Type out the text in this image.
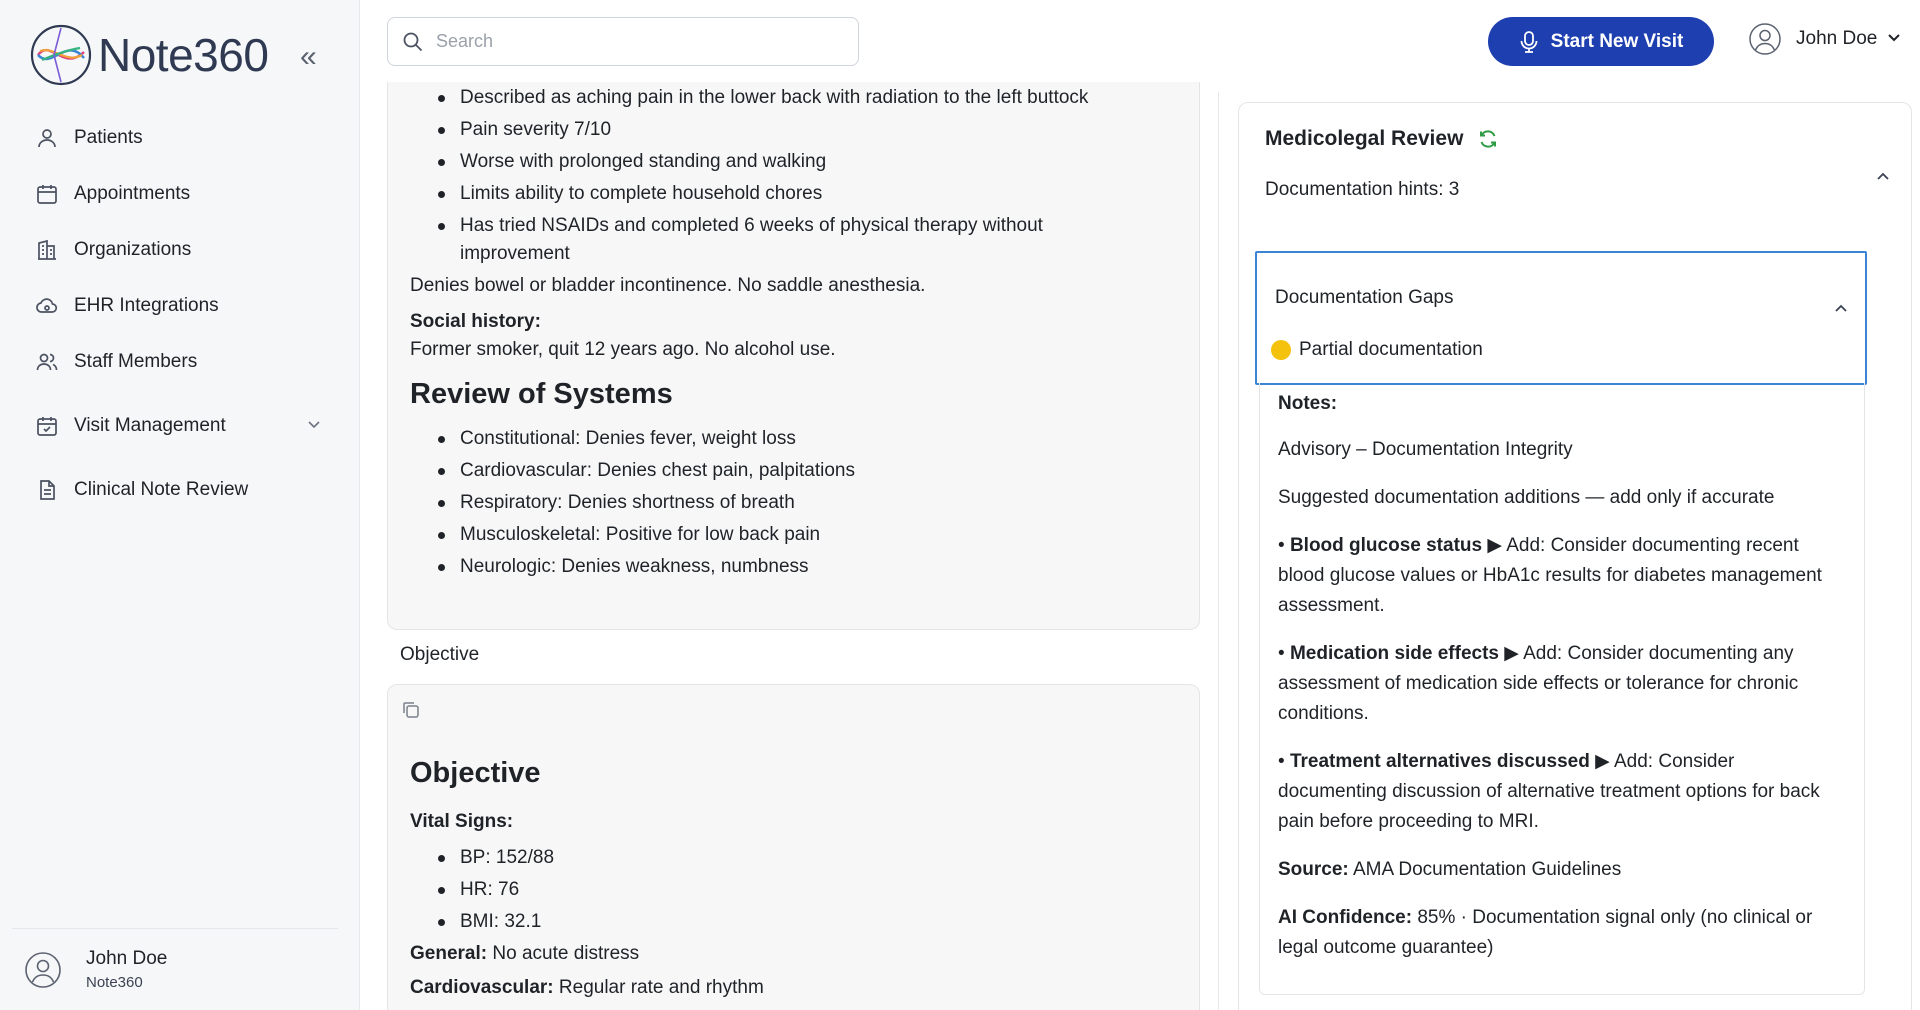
Note360 «
Patients
Appointments
Organizations
EHR Integrations
Staff Members
Visit Management
Clinical Note Review
John Doe
Note360
Search
Start New Visit	John Doe
Described as aching pain in the lower back with radiation to the left buttock
Pain severity 7/10
Worse with prolonged standing and walking
Limits ability to complete household chores
Has tried NSAIDs and completed 6 weeks of physical therapy without improvement
Denies bowel or bladder incontinence. No saddle anesthesia.
Social history:
Former smoker, quit 12 years ago. No alcohol use.
Review of Systems
Constitutional: Denies fever, weight loss
Cardiovascular: Denies chest pain, palpitations
Respiratory: Denies shortness of breath
Musculoskeletal: Positive for low back pain
Neurologic: Denies weakness, numbness
Objective
Objective
Vital Signs:
BP: 152/88
HR: 76
BMI: 32.1
General: No acute distress
Cardiovascular: Regular rate and rhythm
Medicolegal Review
Documentation hints: 3
Documentation Gaps
Partial documentation
Notes:
Advisory – Documentation Integrity
Suggested documentation additions — add only if accurate
• Blood glucose status ▶ Add: Consider documenting recent blood glucose values or HbA1c results for diabetes management assessment.
• Medication side effects ▶ Add: Consider documenting any assessment of medication side effects or tolerance for chronic conditions.
• Treatment alternatives discussed ▶ Add: Consider documenting discussion of alternative treatment options for back pain before proceeding to MRI.
Source: AMA Documentation Guidelines
AI Confidence: 85% · Documentation signal only (no clinical or legal outcome guarantee)
